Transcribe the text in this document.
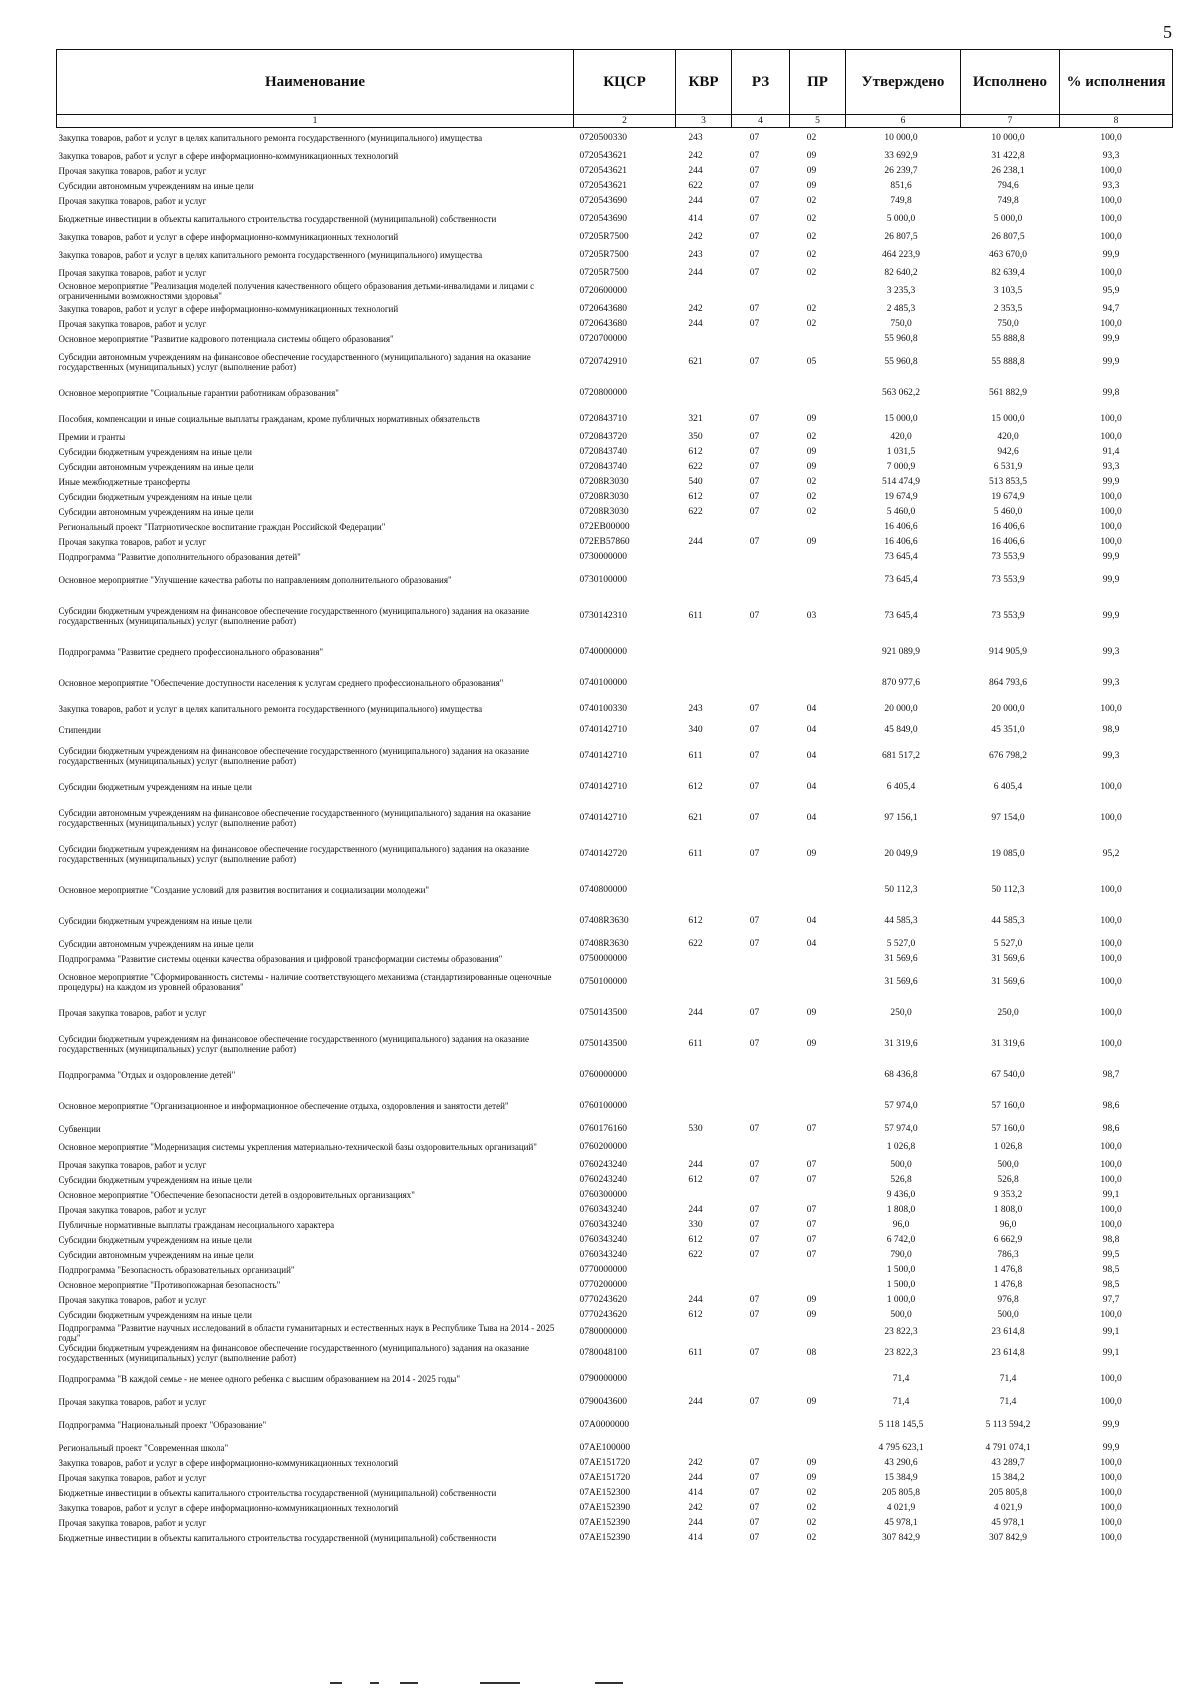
5
Наименование	КЦСР	КВР	РЗ	ПР	Утверждено	Исполнено	% исполнения
1	2	3	4	5	6	7	8
Закупка товаров, работ и услуг в целях капитального ремонта государственного (муниципального) имущества	0720500330	243	07	02	10 000,0	10 000,0	100,0
Закупка товаров, работ и услуг в сфере информационно-коммуникационных технологий	0720543621	242	07	09	33 692,9	31 422,8	93,3
Прочая закупка товаров, работ и услуг	0720543621	244	07	09	26 239,7	26 238,1	100,0
Субсидии автономным учреждениям на иные цели	0720543621	622	07	09	851,6	794,6	93,3
Прочая закупка товаров, работ и услуг	0720543690	244	07	02	749,8	749,8	100,0
Бюджетные инвестиции в объекты капитального строительства государственной (муниципальной) собственности	0720543690	414	07	02	5 000,0	5 000,0	100,0
Закупка товаров, работ и услуг в сфере информационно-коммуникационных технологий	07205R7500	242	07	02	26 807,5	26 807,5	100,0
Закупка товаров, работ и услуг в целях капитального ремонта государственного (муниципального) имущества	07205R7500	243	07	02	464 223,9	463 670,0	99,9
Прочая закупка товаров, работ и услуг	07205R7500	244	07	02	82 640,2	82 639,4	100,0
Основное мероприятие "Реализация моделей получения качественного общего образования детьми-инвалидами и лицами с ограниченными возможностями здоровья"	0720600000				3 235,3	3 103,5	95,9
Закупка товаров, работ и услуг в сфере информационно-коммуникационных технологий	0720643680	242	07	02	2 485,3	2 353,5	94,7
Прочая закупка товаров, работ и услуг	0720643680	244	07	02	750,0	750,0	100,0
Основное мероприятие "Развитие кадрового потенциала системы общего образования"	0720700000				55 960,8	55 888,8	99,9
Субсидии автономным учреждениям на финансовое обеспечение государственного (муниципального) задания на оказание государственных (муниципальных) услуг (выполнение работ)	0720742910	621	07	05	55 960,8	55 888,8	99,9
Основное мероприятие "Социальные гарантии работникам образования"	0720800000				563 062,2	561 882,9	99,8
Пособия, компенсации и иные социальные выплаты гражданам, кроме публичных нормативных обязательств	0720843710	321	07	09	15 000,0	15 000,0	100,0
Премии и гранты	0720843720	350	07	02	420,0	420,0	100,0
Субсидии бюджетным учреждениям на иные цели	0720843740	612	07	09	1 031,5	942,6	91,4
Субсидии автономным учреждениям на иные цели	0720843740	622	07	09	7 000,9	6 531,9	93,3
Иные межбюджетные трансферты	07208R3030	540	07	02	514 474,9	513 853,5	99,9
Субсидии бюджетным учреждениям на иные цели	07208R3030	612	07	02	19 674,9	19 674,9	100,0
Субсидии автономным учреждениям на иные цели	07208R3030	622	07	02	5 460,0	5 460,0	100,0
Региональный проект "Патриотическое воспитание граждан Российской Федерации"	072EB00000				16 406,6	16 406,6	100,0
Прочая закупка товаров, работ и услуг	072EB57860	244	07	09	16 406,6	16 406,6	100,0
Подпрограмма "Развитие дополнительного образования детей"	0730000000				73 645,4	73 553,9	99,9
Основное мероприятие "Улучшение качества работы по направлениям дополнительного образования"	0730100000				73 645,4	73 553,9	99,9
Субсидии бюджетным учреждениям на финансовое обеспечение государственного (муниципального) задания на оказание государственных (муниципальных) услуг (выполнение работ)	0730142310	611	07	03	73 645,4	73 553,9	99,9
Подпрограмма "Развитие среднего профессионального образования"	0740000000				921 089,9	914 905,9	99,3
Основное мероприятие "Обеспечение доступности населения к услугам среднего профессионального образования"	0740100000				870 977,6	864 793,6	99,3
Закупка товаров, работ и услуг в целях капитального ремонта государственного (муниципального) имущества	0740100330	243	07	04	20 000,0	20 000,0	100,0
Стипендии	0740142710	340	07	04	45 849,0	45 351,0	98,9
Субсидии бюджетным учреждениям на финансовое обеспечение государственного (муниципального) задания на оказание государственных (муниципальных) услуг (выполнение работ)	0740142710	611	07	04	681 517,2	676 798,2	99,3
Субсидии бюджетным учреждениям на иные цели	0740142710	612	07	04	6 405,4	6 405,4	100,0
Субсидии автономным учреждениям на финансовое обеспечение государственного (муниципального) задания на оказание государственных (муниципальных) услуг (выполнение работ)	0740142710	621	07	04	97 156,1	97 154,0	100,0
Субсидии бюджетным учреждениям на финансовое обеспечение государственного (муниципального) задания на оказание государственных (муниципальных) услуг (выполнение работ)	0740142720	611	07	09	20 049,9	19 085,0	95,2
Основное мероприятие "Создание условий для развития воспитания и социализации молодежи"	0740800000				50 112,3	50 112,3	100,0
Субсидии бюджетным учреждениям на иные цели	07408R3630	612	07	04	44 585,3	44 585,3	100,0
Субсидии автономным учреждениям на иные цели	07408R3630	622	07	04	5 527,0	5 527,0	100,0
Подпрограмма "Развитие системы оценки качества образования и цифровой трансформации системы образования"	0750000000				31 569,6	31 569,6	100,0
Основное мероприятие "Сформированность системы - наличие соответствующего механизма (стандартизированные оценочные процедуры) на каждом из уровней образования"	0750100000				31 569,6	31 569,6	100,0
Прочая закупка товаров, работ и услуг	0750143500	244	07	09	250,0	250,0	100,0
Субсидии бюджетным учреждениям на финансовое обеспечение государственного (муниципального) задания на оказание государственных (муниципальных) услуг (выполнение работ)	0750143500	611	07	09	31 319,6	31 319,6	100,0
Подпрограмма "Отдых и оздоровление детей"	0760000000				68 436,8	67 540,0	98,7
Основное мероприятие "Организационное и информационное обеспечение отдыха, оздоровления и занятости детей"	0760100000				57 974,0	57 160,0	98,6
Субвенции	0760176160	530	07	07	57 974,0	57 160,0	98,6
Основное мероприятие "Модернизация системы укрепления материально-технической базы оздоровительных организаций"	0760200000				1 026,8	1 026,8	100,0
Прочая закупка товаров, работ и услуг	0760243240	244	07	07	500,0	500,0	100,0
Субсидии бюджетным учреждениям на иные цели	0760243240	612	07	07	526,8	526,8	100,0
Основное мероприятие "Обеспечение безопасности детей в оздоровительных организациях"	0760300000				9 436,0	9 353,2	99,1
Прочая закупка товаров, работ и услуг	0760343240	244	07	07	1 808,0	1 808,0	100,0
Публичные нормативные выплаты гражданам несоциального характера	0760343240	330	07	07	96,0	96,0	100,0
Субсидии бюджетным учреждениям на иные цели	0760343240	612	07	07	6 742,0	6 662,9	98,8
Субсидии автономным учреждениям на иные цели	0760343240	622	07	07	790,0	786,3	99,5
Подпрограмма "Безопасность образовательных организаций"	0770000000				1 500,0	1 476,8	98,5
Основное мероприятие "Противопожарная безопасность"	0770200000				1 500,0	1 476,8	98,5
Прочая закупка товаров, работ и услуг	0770243620	244	07	09	1 000,0	976,8	97,7
Субсидии бюджетным учреждениям на иные цели	0770243620	612	07	09	500,0	500,0	100,0
Подпрограмма "Развитие научных исследований в области гуманитарных и естественных наук в Республике Тыва на 2014 - 2025 годы"	0780000000				23 822,3	23 614,8	99,1
Субсидии бюджетным учреждениям на финансовое обеспечение государственного (муниципального) задания на оказание государственных (муниципальных) услуг (выполнение работ)	0780048100	611	07	08	23 822,3	23 614,8	99,1
Подпрограмма "В каждой семье - не менее одного ребенка с высшим образованием на 2014 - 2025 годы"	0790000000				71,4	71,4	100,0
Прочая закупка товаров, работ и услуг	0790043600	244	07	09	71,4	71,4	100,0
Подпрограмма "Национальный проект "Образование"	07A0000000				5 118 145,5	5 113 594,2	99,9
Региональный проект "Современная школа"	07AE100000				4 795 623,1	4 791 074,1	99,9
Закупка товаров, работ и услуг в сфере информационно-коммуникационных технологий	07AE151720	242	07	09	43 290,6	43 289,7	100,0
Прочая закупка товаров, работ и услуг	07AE151720	244	07	09	15 384,9	15 384,2	100,0
Бюджетные инвестиции в объекты капитального строительства государственной (муниципальной) собственности	07AE152300	414	07	02	205 805,8	205 805,8	100,0
Закупка товаров, работ и услуг в сфере информационно-коммуникационных технологий	07AE152390	242	07	02	4 021,9	4 021,9	100,0
Прочая закупка товаров, работ и услуг	07AE152390	244	07	02	45 978,1	45 978,1	100,0
Бюджетные инвестиции в объекты капитального строительства государственной (муниципальной) собственности	07AE152390	414	07	02	307 842,9	307 842,9	100,0
